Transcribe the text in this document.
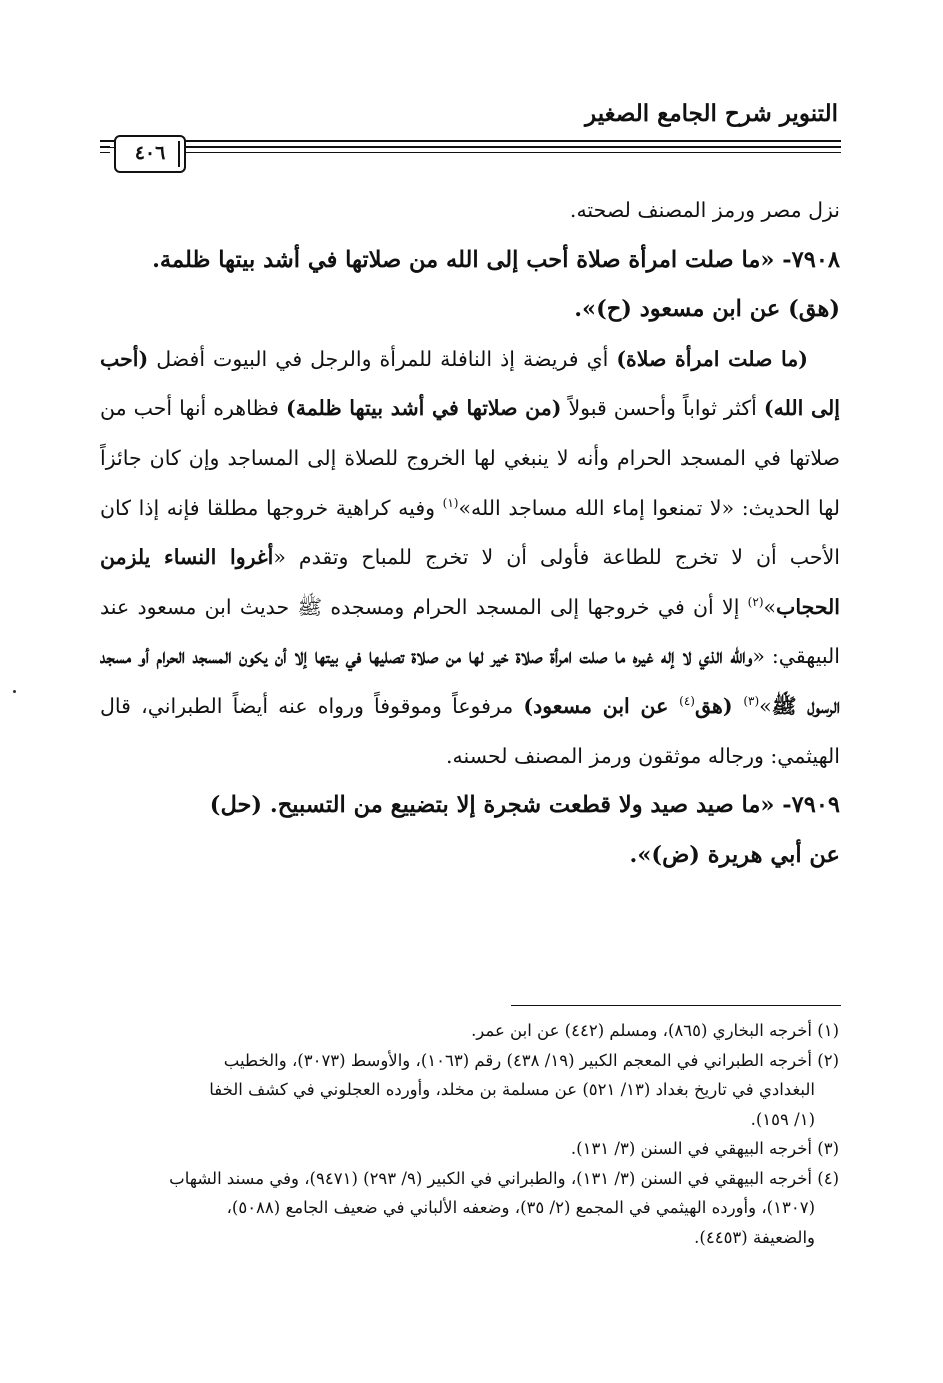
التنوير شرح الجامع الصغير
٤٠٦

نزل مصر ورمز المصنف لصحته.

٧٩٠٨- «ما صلت امرأة صلاة أحب إلى الله من صلاتها في أشد بيتها ظلمة.
(هق) عن ابن مسعود (ح)».

(ما صلت امرأة صلاة) أي فريضة إذ النافلة للمرأة والرجل في البيوت أفضل (أحب إلى الله) أكثر ثواباً وأحسن قبولاً (من صلاتها في أشد بيتها ظلمة) فظاهره أنها أحب من صلاتها في المسجد الحرام وأنه لا ينبغي لها الخروج للصلاة إلى المساجد وإن كان جائزاً لها الحديث: «لا تمنعوا إماء الله مساجد الله»$^{(١)}$ وفيه كراهية خروجها مطلقا فإنه إذا كان الأحب أن لا تخرج للطاعة فأولى أن لا تخرج للمباح وتقدم «أغروا النساء يلزمن الحجاب»$^{(٢)}$ إلا أن في خروجها إلى المسجد الحرام ومسجده ﷺ حديث ابن مسعود عند البيهقي: «والله الذي لا إله غيره ما صلت امرأة صلاة خير لها من صلاة تصليها في بيتها إلا أن يكون المسجد الحرام أو مسجد الرسول ﷺ»$^{(٣)}$ (هق$^{(٤)}$ عن ابن مسعود) مرفوعاً وموقوفاً ورواه عنه أيضاً الطبراني، قال الهيثمي: ورجاله موثقون ورمز المصنف لحسنه.

٧٩٠٩- «ما صيد صيد ولا قطعت شجرة إلا بتضييع من التسبيح. (حل)
عن أبي هريرة (ض)».

(١) أخرجه البخاري (٨٦٥)، ومسلم (٤٤٢) عن ابن عمر.

(٢) أخرجه الطبراني في المعجم الكبير (١٩/ ٤٣٨) رقم (١٠٦٣)، والأوسط (٣٠٧٣)، والخطيب

البغدادي في تاريخ بغداد (١٣/ ٥٢١) عن مسلمة بن مخلد، وأورده العجلوني في كشف الخفا

(١/ ١٥٩).

(٣) أخرجه البيهقي في السنن (٣/ ١٣١).

(٤) أخرجه البيهقي في السنن (٣/ ١٣١)، والطبراني في الكبير (٩/ ٢٩٣) (٩٤٧١)، وفي مسند الشهاب

(١٣٠٧)، وأورده الهيثمي في المجمع (٢/ ٣٥)، وضعفه الألباني في ضعيف الجامع (٥٠٨٨)،

والضعيفة (٤٤٥٣).
